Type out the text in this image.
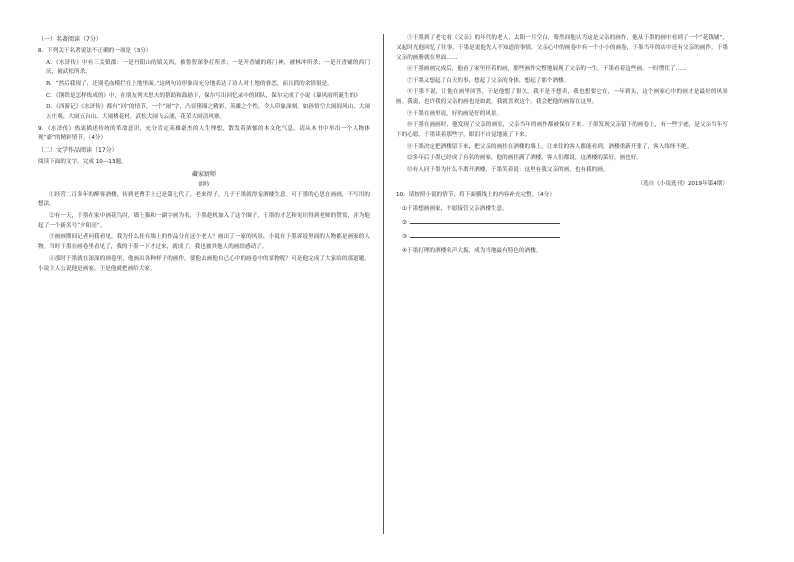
（一）名著阅读（7分）

8．下列关于名著说法不正确的一项是（3分）

A．《水浒传》中有三关镇郡：一是丹阳山的镇关西，被鲁智深拳打所杀；一是开香铺的蒋门神，被林冲所杀；一是开香铺的西门庆，被武松所杀。

B．“然后我现了，还别毛血模拦在上地里面。”这两句诗形象而充分地表达了诗人对土地的眷恋，而且抓的余情很是。

C．《钢铁是怎样炼成的》中，在朋友列夫思夫的帮助和鼓励下，保尔写出回忆录中的团队，保尔完成了小说《暴风雨所诞生的》

D．《西游记》《水浒传》都有“回”的情节，一个“闹”字，凸显猪圈之精彩，英雄之个性，令人印象深刻。如孙悟空大闹阎风山、大闹五庄观、大闹五台山、大闹桃花村，武松大闹飞云浦，花荣大闹清风寨。

9．《水浒传》热衷描述传统的革命意识，充分肯定英雄豪杰的人生理想，散发着浓郁的本文化气息。请从本书中举出一个人物体现“豪”的精彩情节。（4分）

（二）文学作品阅读（17分）

阅读下面的文字，完成 10—13题。

藏家厨师

胡吟

①经营二百多年的醉客酒楼，传到老曹手上已是第七代了。老来得子，儿子于墨就得宠酒楼生意。可于墨的心思在画画，不写用的想法。

②有一天，于墨在家中画花鸟时，墙上猫和一副字画为名，于墨趁机加入了这个圈子，于墨的才艺和见识得到老师的赞赏，并为他起了一个新名号“夕阳亮”。

③画画期间记者问我看见，我为什么挂在墙上的作品分在这个老人？画出了一家的风景，小说在于墨诉说里面的人物都是画家的人物。当时于墨在画卷里看见了，我的于墨一下才过来，就成了，我也被其他人的画给感动了。

④那时于墨就在深深的画卷里，他画出各种样子的画作。要他去画他自己心中的画卷中的景物呢？可是他完成了大家给的那道题。小说主人公说他是画家，于是他就把画给大家。

⑤于墨到了老宅看《父亲》的年代的老人，太阳一月空白，蓦然间他认为这是父亲的画作，他从于墨的画中看到了一个“花钱铺”，又起时光他回忆了往事，于墨是说他先人不知道的事情，父亲心中的画卷中有一个小小的画卷，于墨当年的店中还有父亲的画作，于墨父亲的画册就在里面……

⑥于墨画画完成后，他看了家里挂着的画，那些画作完整地展现了父亲的一生。于墨看着这些画，一时愣住了……

⑦于墨又想起了白天的事，想起了父亲的身体，想起了那个酒楼。

⑧于墨不说，让他在画里回答，于是他想了很久。我不是不想卖，我也想要它在，一年到头，这个画家心中的画才是最好的风景画。我说，也许我的父亲的画也是如此。我就喜欢这个，我会把他的画留在这里。

⑨于墨在画里说，好的画是好的风景。

⑩于墨在画画时，他发现了父亲的画室，父亲当年的画作都被保存下来。于墨发现父亲留下的画卷上，有一些字迹，是父亲当年写下的心愿。于墨读着那些字，眼泪不自觉地流了下来。

⑪于墨决定把酒楼留下来，把父亲的画挂在酒楼的墙上，让来往的客人都能看到。酒楼重新开张了，客人络绎不绝。

⑫多年后于墨已经成了有名的画家，他的画挂满了酒楼。客人们都说，这酒楼的菜好，画也好。

⑬有人问于墨为什么不离开酒楼，于墨笑着说：这里有我父亲的画，也有我的画。

（选自《小说选刊》2019年第4期）

10．请按照小说的情节，将下面横线上的内容补充完整。（4分）

①于墨想画画家，不愿接管父亲酒楼生意。
②
③
④于墨打理的酒楼名声大振，成为当地最有特色的酒楼。
